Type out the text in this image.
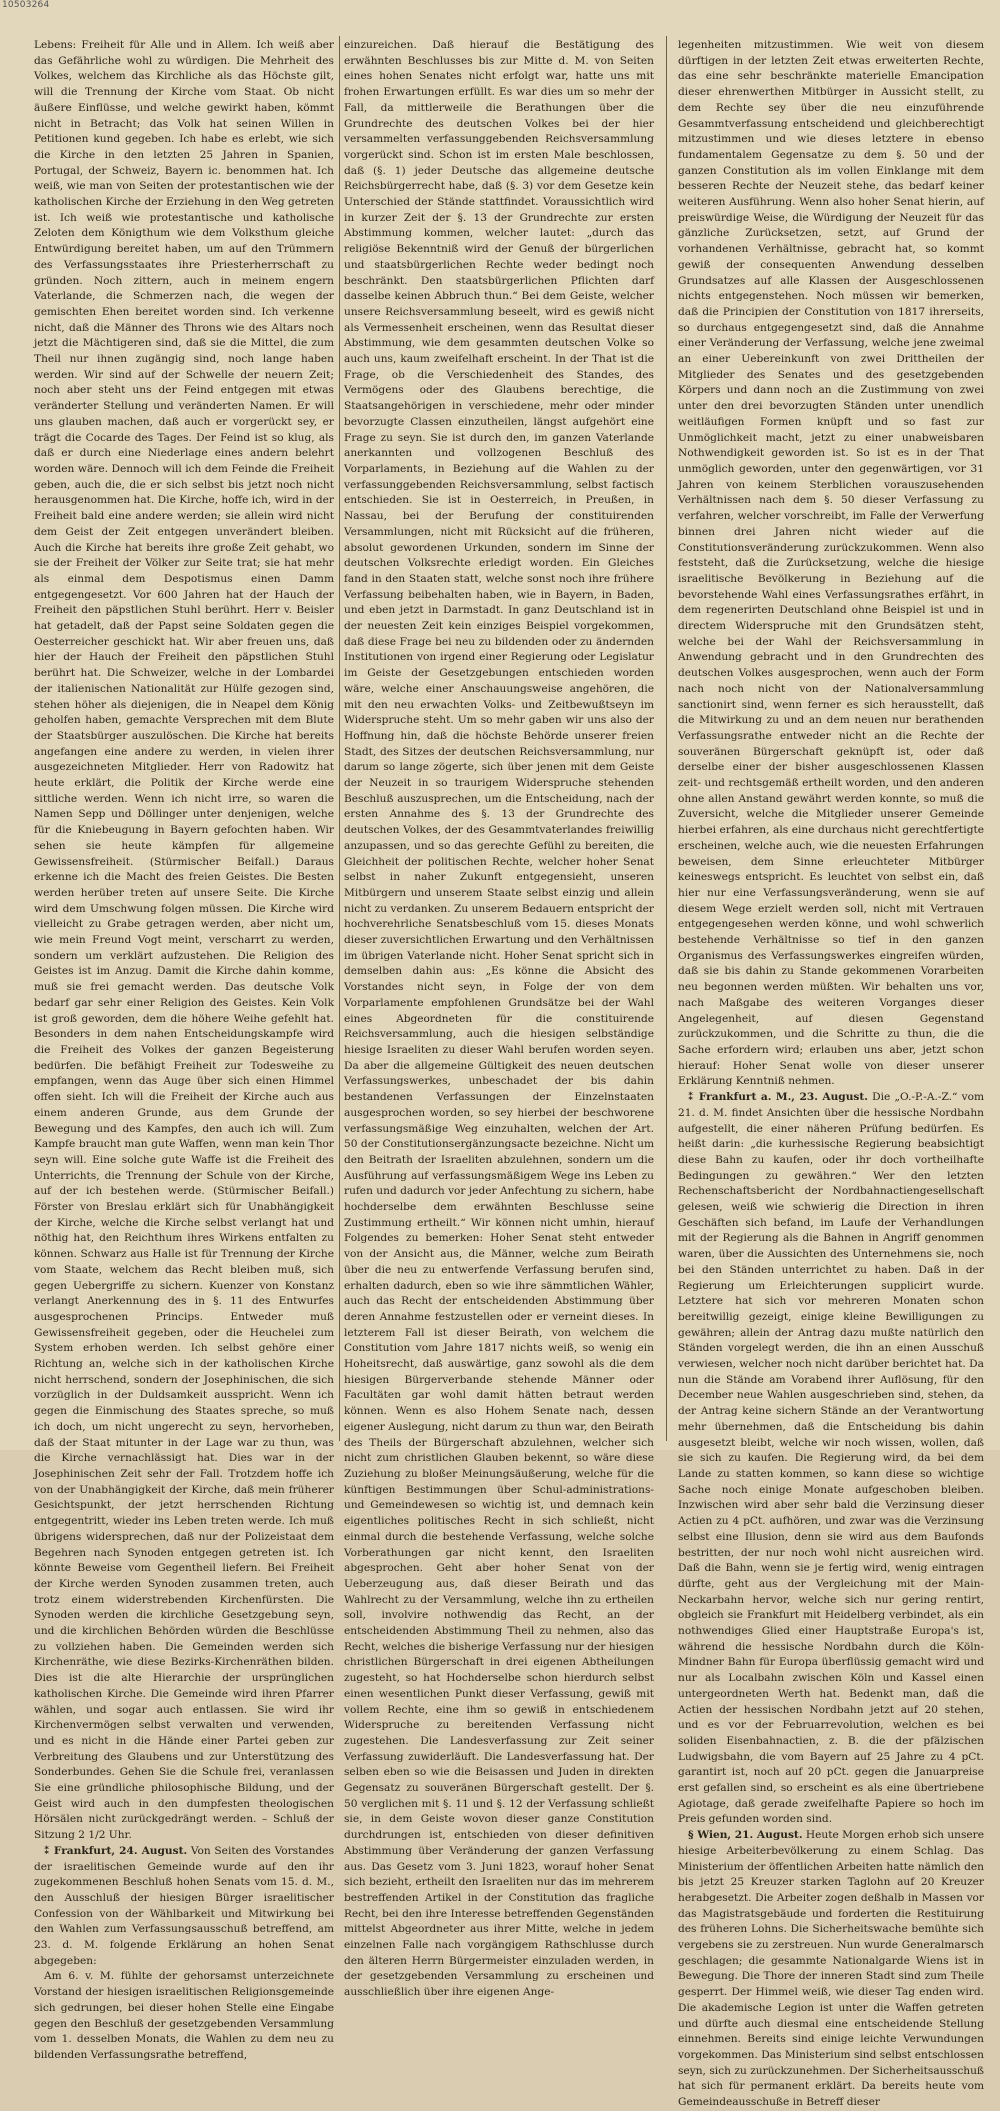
10503264

Lebens: Freiheit für Alle und in Allem. Ich weiß aber das Gefährliche wohl zu würdigen. Die Mehrheit des Volkes, welchem das Kirchliche als das Höchste gilt, will die Trennung der Kirche vom Staat. Ob nicht äußere Einflüsse, und welche gewirkt haben, kömmt nicht in Betracht; das Volk hat seinen Willen in Petitionen kund gegeben. Ich habe es erlebt, wie sich die Kirche in den letzten 25 Jahren in Spanien, Portugal, der Schweiz, Bayern ic. benommen hat. Ich weiß, wie man von Seiten der protestantischen wie der katholischen Kirche der Erziehung in den Weg getreten ist. Ich weiß wie protestantische und katholische Zeloten dem Königthum wie dem Volksthum gleiche Entwürdigung bereitet haben, um auf den Trümmern des Verfassungsstaates ihre Priesterherrschaft zu gründen. Noch zittern, auch in meinem engern Vaterlande, die Schmerzen nach, die wegen der gemischten Ehen bereitet worden sind. Ich verkenne nicht, daß die Männer des Throns wie des Altars noch jetzt die Mächtigeren sind, daß sie die Mittel, die zum Theil nur ihnen zugängig sind, noch lange haben werden. Wir sind auf der Schwelle der neuern Zeit; noch aber steht uns der Feind entgegen mit etwas veränderter Stellung und veränderten Namen. Er will uns glauben machen, daß auch er vorgerückt sey, er trägt die Cocarde des Tages. Der Feind ist so klug, als daß er durch eine Niederlage eines andern belehrt worden wäre. Dennoch will ich dem Feinde die Freiheit geben, auch die, die er sich selbst bis jetzt noch nicht herausgenommen hat. Die Kirche, hoffe ich, wird in der Freiheit bald eine andere werden; sie allein wird nicht dem Geist der Zeit entgegen unverändert bleiben. Auch die Kirche hat bereits ihre große Zeit gehabt, wo sie der Freiheit der Völker zur Seite trat; sie hat mehr als einmal dem Despotismus einen Damm entgegengesetzt. Vor 600 Jahren hat der Hauch der Freiheit den päpstlichen Stuhl berührt. Herr v. Beisler hat getadelt, daß der Papst seine Soldaten gegen die Oesterreicher geschickt hat. Wir aber freuen uns, daß hier der Hauch der Freiheit den päpstlichen Stuhl berührt hat. Die Schweizer, welche in der Lombardei der italienischen Nationalität zur Hülfe gezogen sind, stehen höher als diejenigen, die in Neapel dem König geholfen haben, gemachte Versprechen mit dem Blute der Staatsbürger auszulöschen. Die Kirche hat bereits angefangen eine andere zu werden, in vielen ihrer ausgezeichneten Mitglieder. Herr von Radowitz hat heute erklärt, die Politik der Kirche werde eine sittliche werden. Wenn ich nicht irre, so waren die Namen Sepp und Döllinger unter denjenigen, welche für die Kniebeugung in Bayern gefochten haben. Wir sehen sie heute kämpfen für allgemeine Gewissensfreiheit. (Stürmischer Beifall.) Daraus erkenne ich die Macht des freien Geistes. Die Besten werden herüber treten auf unsere Seite. Die Kirche wird dem Umschwung folgen müssen. Die Kirche wird vielleicht zu Grabe getragen werden, aber nicht um, wie mein Freund Vogt meint, verscharrt zu werden, sondern um verklärt aufzustehen. Die Religion des Geistes ist im Anzug. Damit die Kirche dahin komme, muß sie frei gemacht werden. Das deutsche Volk bedarf gar sehr einer Religion des Geistes. Kein Volk ist groß geworden, dem die höhere Weihe gefehlt hat. Besonders in dem nahen Entscheidungskampfe wird die Freiheit des Volkes der ganzen Begeisterung bedürfen. Die befähigt Freiheit zur Todesweihe zu empfangen, wenn das Auge über sich einen Himmel offen sieht. Ich will die Freiheit der Kirche auch aus einem anderen Grunde, aus dem Grunde der Bewegung und des Kampfes, den auch ich will. Zum Kampfe braucht man gute Waffen, wenn man kein Thor seyn will. Eine solche gute Waffe ist die Freiheit des Unterrichts, die Trennung der Schule von der Kirche, auf der ich bestehen werde. (Stürmischer Beifall.) Förster von Breslau erklärt sich für Unabhängigkeit der Kirche, welche die Kirche selbst verlangt hat und nöthig hat, den Reichthum ihres Wirkens entfalten zu können. Schwarz aus Halle ist für Trennung der Kirche vom Staate, welchem das Recht bleiben muß, sich gegen Uebergriffe zu sichern. Kuenzer von Konstanz verlangt Anerkennung des in §. 11 des Entwurfes ausgesprochenen Princips. Entweder muß Gewissensfreiheit gegeben, oder die Heuchelei zum System erhoben werden. Ich selbst gehöre einer Richtung an, welche sich in der katholischen Kirche nicht herrschend, sondern der Josephinischen, die sich vorzüglich in der Duldsamkeit ausspricht. Wenn ich gegen die Einmischung des Staates spreche, so muß ich doch, um nicht ungerecht zu seyn, hervorheben, daß der Staat mitunter in der Lage war zu thun, was die Kirche vernachlässigt hat. Dies war in der Josephinischen Zeit sehr der Fall. Trotzdem hoffe ich von der Unabhängigkeit der Kirche, daß mein früherer Gesichtspunkt, der jetzt herrschenden Richtung entgegentritt, wieder ins Leben treten werde. Ich muß übrigens widersprechen, daß nur der Polizeistaat dem Begehren nach Synoden entgegen getreten ist. Ich könnte Beweise vom Gegentheil liefern. Bei Freiheit der Kirche werden Synoden zusammen treten, auch trotz einem widerstrebenden Kirchenfürsten. Die Synoden werden die kirchliche Gesetzgebung seyn, und die kirchlichen Behörden würden die Beschlüsse zu vollziehen haben. Die Gemeinden werden sich Kirchenräthe, wie diese Bezirks-Kirchenräthen bilden. Dies ist die alte Hierarchie der ursprünglichen katholischen Kirche. Die Gemeinde wird ihren Pfarrer wählen, und sogar auch entlassen. Sie wird ihr Kirchenvermögen selbst verwalten und verwenden, und es nicht in die Hände einer Partei geben zur Verbreitung des Glaubens und zur Unterstützung des Sonderbundes. Gehen Sie die Schule frei, veranlassen Sie eine gründliche philosophische Bildung, und der Geist wird auch in den dumpfesten theologischen Hörsälen nicht zurückgedrängt werden. – Schluß der Sitzung 2 1/2 Uhr.

⁑ Frankfurt, 24. August. Von Seiten des Vorstandes der israelitischen Gemeinde wurde auf den ihr zugekommenen Beschluß hohen Senats vom 15. d. M., den Ausschluß der hiesigen Bürger israelitischer Confession von der Wählbarkeit und Mitwirkung bei den Wahlen zum Verfassungsausschuß betreffend, am 23. d. M. folgende Erklärung an hohen Senat abgegeben:

Am 6. v. M. fühlte der gehorsamst unterzeichnete Vorstand der hiesigen israelitischen Religionsgemeinde sich gedrungen, bei dieser hohen Stelle eine Eingabe gegen den Beschluß der gesetzgebenden Versammlung vom 1. desselben Monats, die Wahlen zu dem neu zu bildenden Verfassungsrathe betreffend,

einzureichen. Daß hierauf die Bestätigung des erwähnten Beschlusses bis zur Mitte d. M. von Seiten eines hohen Senates nicht erfolgt war, hatte uns mit frohen Erwartungen erfüllt. Es war dies um so mehr der Fall, da mittlerweile die Berathungen über die Grundrechte des deutschen Volkes bei der hier versammelten verfassunggebenden Reichsversammlung vorgerückt sind. Schon ist im ersten Male beschlossen, daß (§. 1) jeder Deutsche das allgemeine deutsche Reichsbürgerrecht habe, daß (§. 3) vor dem Gesetze kein Unterschied der Stände stattfindet. Voraussichtlich wird in kurzer Zeit der §. 13 der Grundrechte zur ersten Abstimmung kommen, welcher lautet: „durch das religiöse Bekenntniß wird der Genuß der bürgerlichen und staatsbürgerlichen Rechte weder bedingt noch beschränkt. Den staatsbürgerlichen Pflichten darf dasselbe keinen Abbruch thun.“ Bei dem Geiste, welcher unsere Reichsversammlung beseelt, wird es gewiß nicht als Vermessenheit erscheinen, wenn das Resultat dieser Abstimmung, wie dem gesammten deutschen Volke so auch uns, kaum zweifelhaft erscheint. In der That ist die Frage, ob die Verschiedenheit des Standes, des Vermögens oder des Glaubens berechtige, die Staatsangehörigen in verschiedene, mehr oder minder bevorzugte Classen einzutheilen, längst aufgehört eine Frage zu seyn. Sie ist durch den, im ganzen Vaterlande anerkannten und vollzogenen Beschluß des Vorparlaments, in Beziehung auf die Wahlen zu der verfassunggebenden Reichsversammlung, selbst factisch entschieden. Sie ist in Oesterreich, in Preußen, in Nassau, bei der Berufung der constituirenden Versammlungen, nicht mit Rücksicht auf die früheren, absolut gewordenen Urkunden, sondern im Sinne der deutschen Volksrechte erledigt worden. Ein Gleiches fand in den Staaten statt, welche sonst noch ihre frühere Verfassung beibehalten haben, wie in Bayern, in Baden, und eben jetzt in Darmstadt. In ganz Deutschland ist in der neuesten Zeit kein einziges Beispiel vorgekommen, daß diese Frage bei neu zu bildenden oder zu ändernden Institutionen von irgend einer Regierung oder Legislatur im Geiste der Gesetzgebungen entschieden worden wäre, welche einer Anschauungsweise angehören, die mit den neu erwachten Volks- und Zeitbewußtseyn im Widerspruche steht. Um so mehr gaben wir uns also der Hoffnung hin, daß die höchste Behörde unserer freien Stadt, des Sitzes der deutschen Reichsversammlung, nur darum so lange zögerte, sich über jenen mit dem Geiste der Neuzeit in so traurigem Widerspruche stehenden Beschluß auszusprechen, um die Entscheidung, nach der ersten Annahme des §. 13 der Grundrechte des deutschen Volkes, der des Gesammtvaterlandes freiwillig anzupassen, und so das gerechte Gefühl zu bereiten, die Gleichheit der politischen Rechte, welcher hoher Senat selbst in naher Zukunft entgegensieht, unseren Mitbürgern und unserem Staate selbst einzig und allein nicht zu verdanken. Zu unserem Bedauern entspricht der hochverehrliche Senatsbeschluß vom 15. dieses Monats dieser zuversichtlichen Erwartung und den Verhältnissen im übrigen Vaterlande nicht. Hoher Senat spricht sich in demselben dahin aus: „Es könne die Absicht des Vorstandes nicht seyn, in Folge der von dem Vorparlamente empfohlenen Grundsätze bei der Wahl eines Abgeordneten für die constituirende Reichsversammlung, auch die hiesigen selbständige hiesige Israeliten zu dieser Wahl berufen worden seyen. Da aber die allgemeine Gültigkeit des neuen deutschen Verfassungswerkes, unbeschadet der bis dahin bestandenen Verfassungen der Einzelnstaaten ausgesprochen worden, so sey hierbei der beschworene verfassungsmäßige Weg einzuhalten, welchen der Art. 50 der Constitutionsergänzungsacte bezeichne. Nicht um den Beitrath der Israeliten abzulehnen, sondern um die Ausführung auf verfassungsmäßigem Wege ins Leben zu rufen und dadurch vor jeder Anfechtung zu sichern, habe hochderselbe dem erwähnten Beschlusse seine Zustimmung ertheilt.“ Wir können nicht umhin, hierauf Folgendes zu bemerken: Hoher Senat steht entweder von der Ansicht aus, die Männer, welche zum Beirath über die neu zu entwerfende Verfassung berufen sind, erhalten dadurch, eben so wie ihre sämmtlichen Wähler, auch das Recht der entscheidenden Abstimmung über deren Annahme festzustellen oder er verneint dieses. In letzterem Fall ist dieser Beirath, von welchem die Constitution vom Jahre 1817 nichts weiß, so wenig ein Hoheitsrecht, daß auswärtige, ganz sowohl als die dem hiesigen Bürgerverbande stehende Männer oder Facultäten gar wohl damit hätten betraut werden können. Wenn es also Hohem Senate nach, dessen eigener Auslegung, nicht darum zu thun war, den Beirath des Theils der Bürgerschaft abzulehnen, welcher sich nicht zum christlichen Glauben bekennt, so wäre diese Zuziehung zu bloßer Meinungsäußerung, welche für die künftigen Bestimmungen über Schul-administrations- und Gemeindewesen so wichtig ist, und demnach kein eigentliches politisches Recht in sich schließt, nicht einmal durch die bestehende Verfassung, welche solche Vorberathungen gar nicht kennt, den Israeliten abgesprochen. Geht aber hoher Senat von der Ueberzeugung aus, daß dieser Beirath und das Wahlrecht zu der Versammlung, welche ihn zu ertheilen soll, involvire nothwendig das Recht, an der entscheidenden Abstimmung Theil zu nehmen, also das Recht, welches die bisherige Verfassung nur der hiesigen christlichen Bürgerschaft in drei eigenen Abtheilungen zugesteht, so hat Hochderselbe schon hierdurch selbst einen wesentlichen Punkt dieser Verfassung, gewiß mit vollem Rechte, eine ihm so gewiß in entschiedenem Widerspruche zu bereitenden Verfassung nicht zugestehen. Die Landesverfassung zur Zeit seiner Verfassung zuwiderläuft. Die Landesverfassung hat. Der selben eben so wie die Beisassen und Juden in direkten Gegensatz zu souveränen Bürgerschaft gestellt. Der §. 50 verglichen mit §. 11 und §. 12 der Verfassung schließt sie, in dem Geiste wovon dieser ganze Constitution durchdrungen ist, entschieden von dieser definitiven Abstimmung über Veränderung der ganzen Verfassung aus. Das Gesetz vom 3. Juni 1823, worauf hoher Senat sich bezieht, ertheilt den Israeliten nur das im mehrerem bestreffenden Artikel in der Constitution das fragliche Recht, bei den ihre Interesse betreffenden Gegenständen mittelst Abgeordneter aus ihrer Mitte, welche in jedem einzelnen Falle nach vorgängigem Rathschlusse durch den älteren Herrn Bürgermeister einzuladen werden, in der gesetzgebenden Versammlung zu erscheinen und ausschließlich über ihre eigenen Ange-

legenheiten mitzustimmen. Wie weit von diesem dürftigen in der letzten Zeit etwas erweiterten Rechte, das eine sehr beschränkte materielle Emancipation dieser ehrenwerthen Mitbürger in Aussicht stellt, zu dem Rechte sey über die neu einzuführende Gesammtverfassung entscheidend und gleichberechtigt mitzustimmen und wie dieses letztere in ebenso fundamentalem Gegensatze zu dem §. 50 und der ganzen Constitution als im vollen Einklange mit dem besseren Rechte der Neuzeit stehe, das bedarf keiner weiteren Ausführung. Wenn also hoher Senat hierin, auf preiswürdige Weise, die Würdigung der Neuzeit für das gänzliche Zurücksetzen, setzt, auf Grund der vorhandenen Verhältnisse, gebracht hat, so kommt gewiß der consequenten Anwendung desselben Grundsatzes auf alle Klassen der Ausgeschlossenen nichts entgegenstehen. Noch müssen wir bemerken, daß die Principien der Constitution von 1817 ihrerseits, so durchaus entgegengesetzt sind, daß die Annahme einer Veränderung der Verfassung, welche jene zweimal an einer Uebereinkunft von zwei Drittheilen der Mitglieder des Senates und des gesetzgebenden Körpers und dann noch an die Zustimmung von zwei unter den drei bevorzugten Ständen unter unendlich weitläufigen Formen knüpft und so fast zur Unmöglichkeit macht, jetzt zu einer unabweisbaren Nothwendigkeit geworden ist. So ist es in der That unmöglich geworden, unter den gegenwärtigen, vor 31 Jahren von keinem Sterblichen vorauszusehenden Verhältnissen nach dem §. 50 dieser Verfassung zu verfahren, welcher vorschreibt, im Falle der Verwerfung binnen drei Jahren nicht wieder auf die Constitutionsveränderung zurückzukommen. Wenn also feststeht, daß die Zurücksetzung, welche die hiesige israelitische Bevölkerung in Beziehung auf die bevorstehende Wahl eines Verfassungsrathes erfährt, in dem regenerirten Deutschland ohne Beispiel ist und in directem Widerspruche mit den Grundsätzen steht, welche bei der Wahl der Reichsversammlung in Anwendung gebracht und in den Grundrechten des deutschen Volkes ausgesprochen, wenn auch der Form nach noch nicht von der Nationalversammlung sanctionirt sind, wenn ferner es sich herausstellt, daß die Mitwirkung zu und an dem neuen nur berathenden Verfassungsrathe entweder nicht an die Rechte der souveränen Bürgerschaft geknüpft ist, oder daß derselbe einer der bisher ausgeschlossenen Klassen zeit- und rechtsgemäß ertheilt worden, und den anderen ohne allen Anstand gewährt werden konnte, so muß die Zuversicht, welche die Mitglieder unserer Gemeinde hierbei erfahren, als eine durchaus nicht gerechtfertigte erscheinen, welche auch, wie die neuesten Erfahrungen beweisen, dem Sinne erleuchteter Mitbürger keineswegs entspricht. Es leuchtet von selbst ein, daß hier nur eine Verfassungsveränderung, wenn sie auf diesem Wege erzielt werden soll, nicht mit Vertrauen entgegengesehen werden könne, und wohl schwerlich bestehende Verhältnisse so tief in den ganzen Organismus des Verfassungswerkes eingreifen würden, daß sie bis dahin zu Stande gekommenen Vorarbeiten neu begonnen werden müßten. Wir behalten uns vor, nach Maßgabe des weiteren Vorganges dieser Angelegenheit, auf diesen Gegenstand zurückzukommen, und die Schritte zu thun, die die Sache erfordern wird; erlauben uns aber, jetzt schon hierauf: Hoher Senat wolle von dieser unserer Erklärung Kenntniß nehmen.

⁑ Frankfurt a. M., 23. August. Die „O.-P.-A.-Z.“ vom 21. d. M. findet Ansichten über die hessische Nordbahn aufgestellt, die einer näheren Prüfung bedürfen. Es heißt darin: „die kurhessische Regierung beabsichtigt diese Bahn zu kaufen, oder ihr doch vortheilhafte Bedingungen zu gewähren.“ Wer den letzten Rechenschaftsbericht der Nordbahnactiengesellschaft gelesen, weiß wie schwierig die Direction in ihren Geschäften sich befand, im Laufe der Verhandlungen mit der Regierung als die Bahnen in Angriff genommen waren, über die Aussichten des Unternehmens sie, noch bei den Ständen unterrichtet zu haben. Daß in der Regierung um Erleichterungen supplicirt wurde. Letztere hat sich vor mehreren Monaten schon bereitwillig gezeigt, einige kleine Bewilligungen zu gewähren; allein der Antrag dazu mußte natürlich den Ständen vorgelegt werden, die ihn an einen Ausschuß verwiesen, welcher noch nicht darüber berichtet hat. Da nun die Stände am Vorabend ihrer Auflösung, für den December neue Wahlen ausgeschrieben sind, stehen, da der Antrag keine sichern Stände an der Verantwortung mehr übernehmen, daß die Entscheidung bis dahin ausgesetzt bleibt, welche wir noch wissen, wollen, daß sie sich zu kaufen. Die Regierung wird, da bei dem Lande zu statten kommen, so kann diese so wichtige Sache noch einige Monate aufgeschoben bleiben. Inzwischen wird aber sehr bald die Verzinsung dieser Actien zu 4 pCt. aufhören, und zwar was die Verzinsung selbst eine Illusion, denn sie wird aus dem Baufonds bestritten, der nur noch wohl nicht ausreichen wird. Daß die Bahn, wenn sie je fertig wird, wenig eintragen dürfte, geht aus der Vergleichung mit der Main-Neckarbahn hervor, welche sich nur gering rentirt, obgleich sie Frankfurt mit Heidelberg verbindet, als ein nothwendiges Glied einer Hauptstraße Europa's ist, während die hessische Nordbahn durch die Köln-Mindner Bahn für Europa überflüssig gemacht wird und nur als Localbahn zwischen Köln und Kassel einen untergeordneten Werth hat. Bedenkt man, daß die Actien der hessischen Nordbahn jetzt auf 20 stehen, und es vor der Februarrevolution, welchen es bei soliden Eisenbahnactien, z. B. die der pfälzischen Ludwigsbahn, die vom Bayern auf 25 Jahre zu 4 pCt. garantirt ist, noch auf 20 pCt. gegen die Januarpreise erst gefallen sind, so erscheint es als eine übertriebene Agiotage, daß gerade zweifelhafte Papiere so hoch im Preis gefunden worden sind.

§ Wien, 21. August. Heute Morgen erhob sich unsere hiesige Arbeiterbevölkerung zu einem Schlag. Das Ministerium der öffentlichen Arbeiten hatte nämlich den bis jetzt 25 Kreuzer starken Taglohn auf 20 Kreuzer herabgesetzt. Die Arbeiter zogen deßhalb in Massen vor das Magistratsgebäude und forderten die Restituirung des früheren Lohns. Die Sicherheitswache bemühte sich vergebens sie zu zerstreuen. Nun wurde Generalmarsch geschlagen; die gesammte Nationalgarde Wiens ist in Bewegung. Die Thore der inneren Stadt sind zum Theile gesperrt. Der Himmel weiß, wie dieser Tag enden wird. Die akademische Legion ist unter die Waffen getreten und dürfte auch diesmal eine entscheidende Stellung einnehmen. Bereits sind einige leichte Verwundungen vorgekommen. Das Ministerium sind selbst entschlossen seyn, sich zu zurückzunehmen. Der Sicherheitsausschuß hat sich für permanent erklärt. Da bereits heute vom Gemeindeausschuße in Betreff dieser
